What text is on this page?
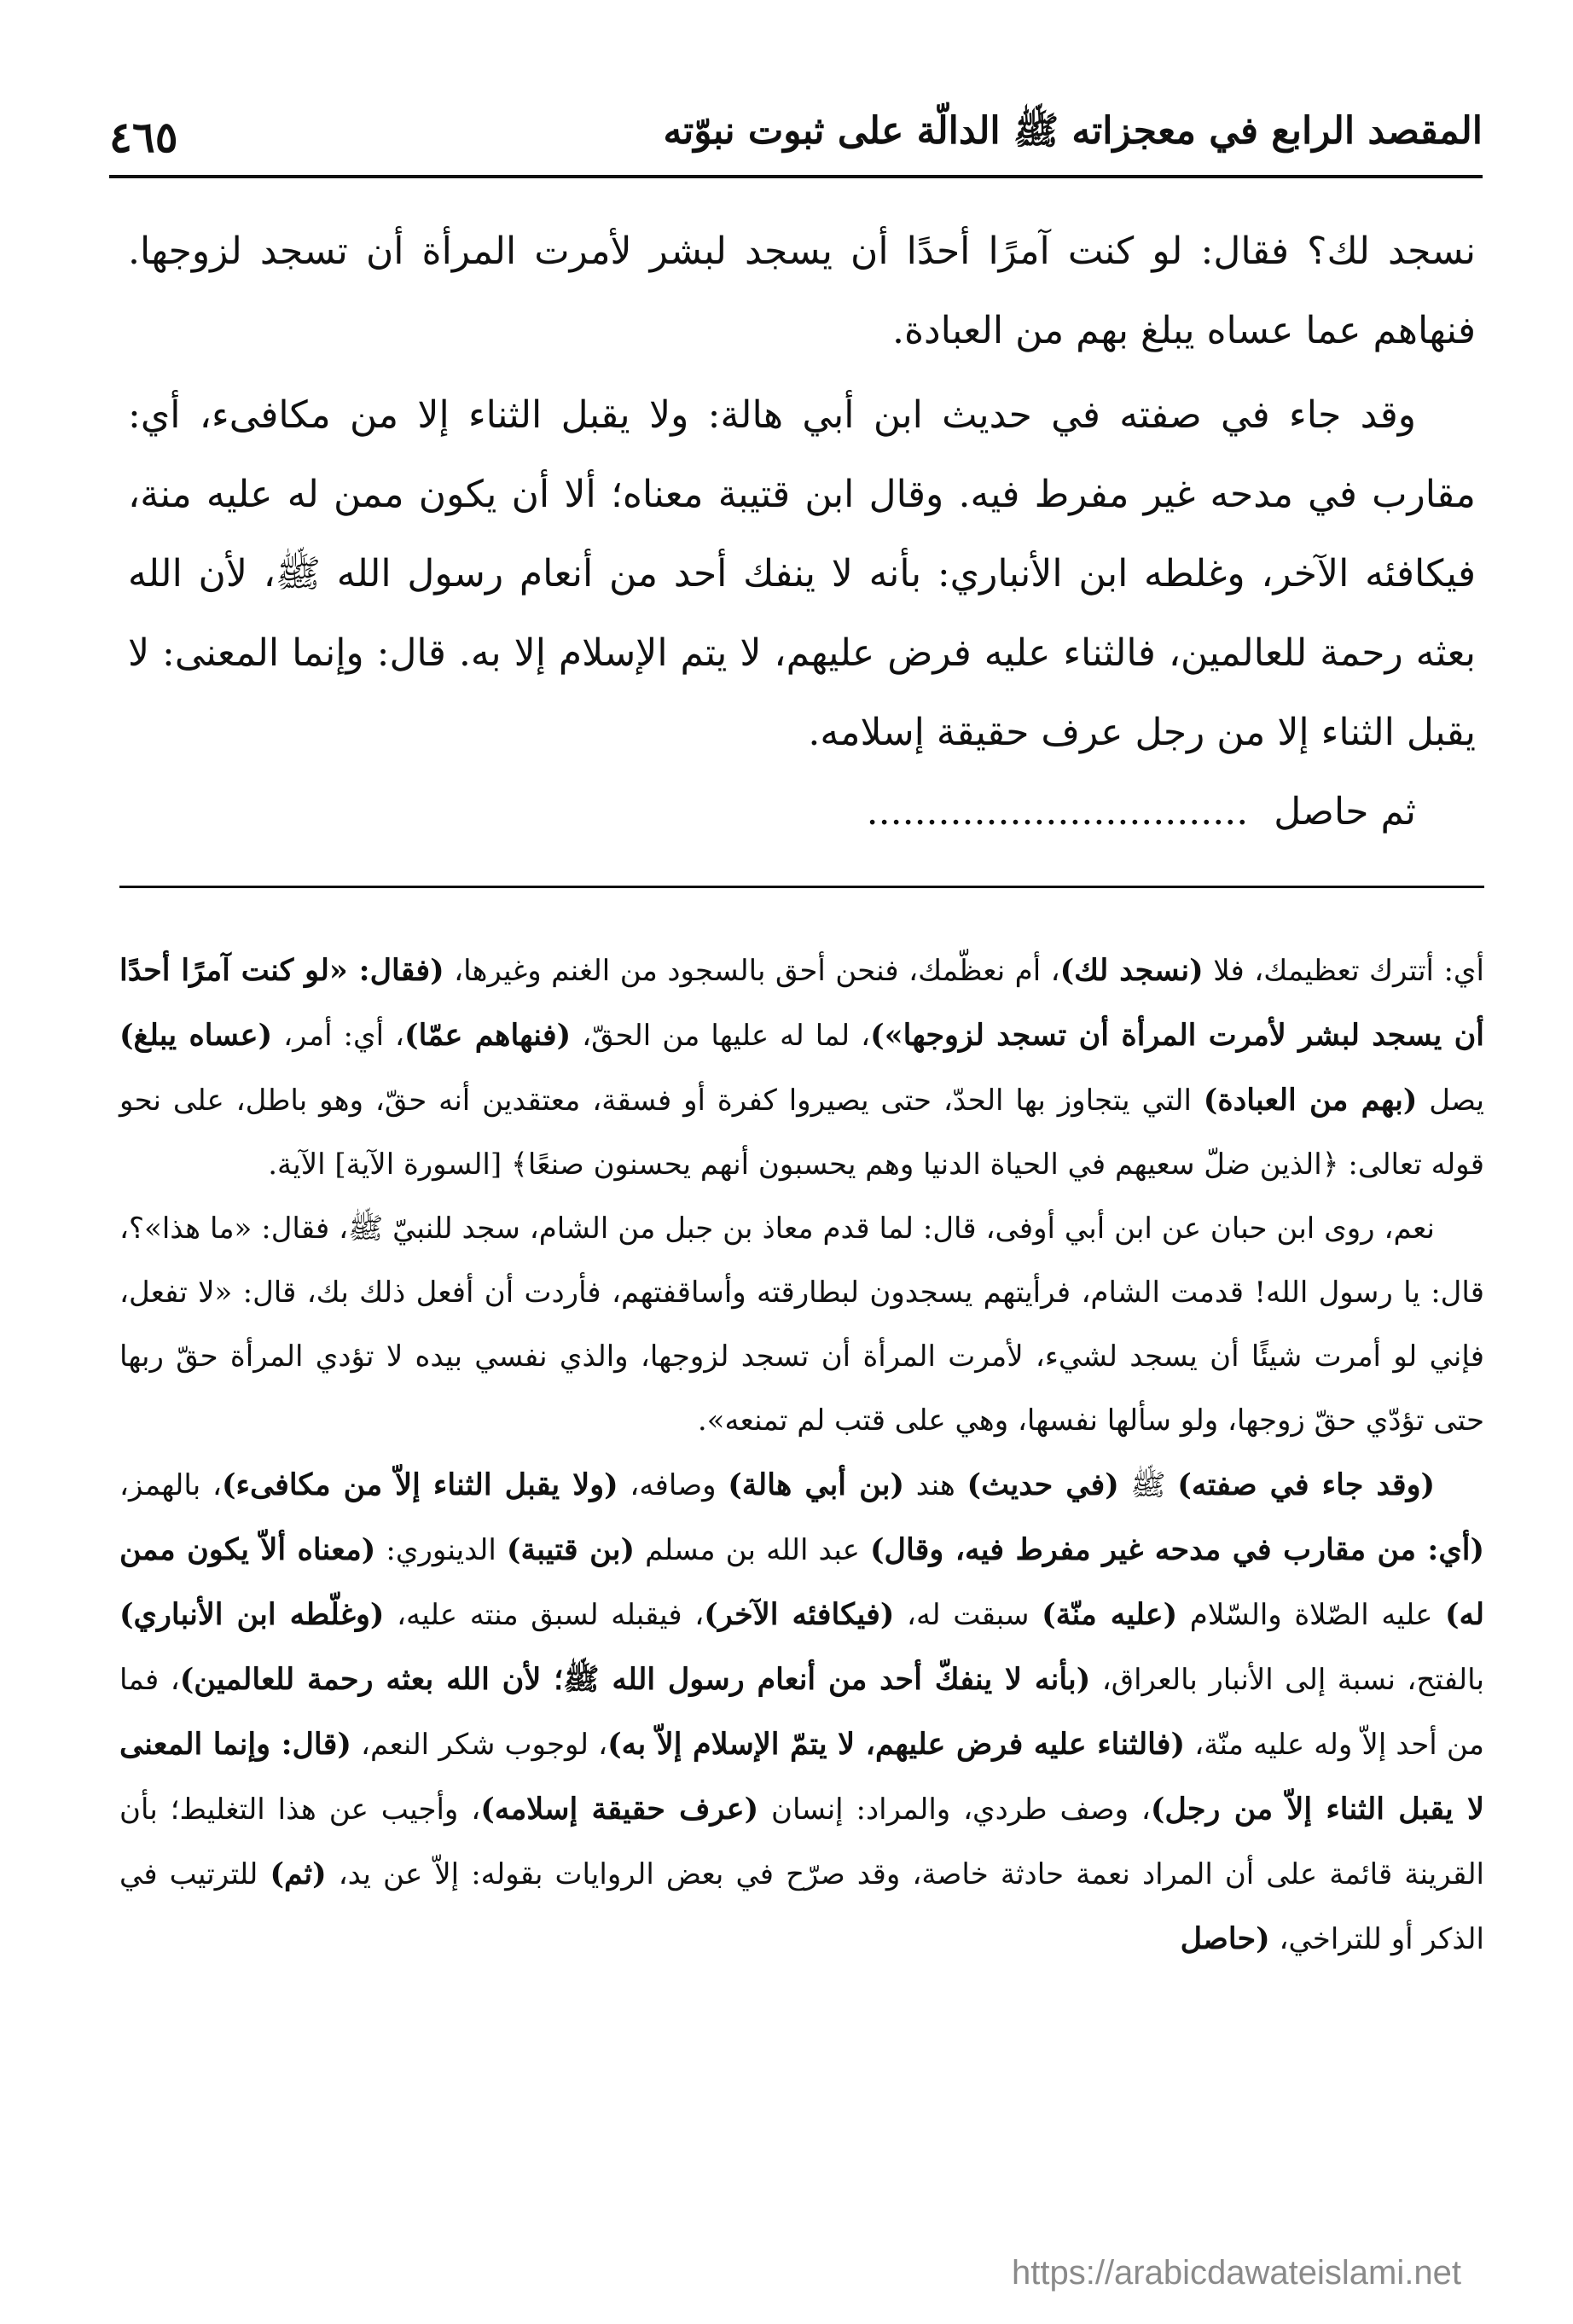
المقصد الرابع في معجزاته ﷺ الدالّة على ثبوت نبوّته
٤٦٥

نسجد لك؟ فقال: لو كنت آمرًا أحدًا أن يسجد لبشر لأمرت المرأة أن تسجد لزوجها. فنهاهم عما عساه يبلغ بهم من العبادة.

وقد جاء في صفته في حديث ابن أبي هالة: ولا يقبل الثناء إلا من مكافىء، أي: مقارب في مدحه غير مفرط فيه. وقال ابن قتيبة معناه؛ ألا أن يكون ممن له عليه منة، فيكافئه الآخر، وغلطه ابن الأنباري: بأنه لا ينفك أحد من أنعام رسول الله ﷺ، لأن الله بعثه رحمة للعالمين، فالثناء عليه فرض عليهم، لا يتم الإسلام إلا به. قال: وإنما المعنى: لا يقبل الثناء إلا من رجل عرف حقيقة إسلامه.

ثم حاصل................................

أي: أتترك تعظيمك، فلا (نسجد لك)، أم نعظّمك، فنحن أحق بالسجود من الغنم وغيرها، (فقال: «لو كنت آمرًا أحدًا أن يسجد لبشر لأمرت المرأة أن تسجد لزوجها»)، لما له عليها من الحقّ، (فنهاهم عمّا)، أي: أمر، (عساه يبلغ) يصل (بهم من العبادة) التي يتجاوز بها الحدّ، حتى يصيروا كفرة أو فسقة، معتقدين أنه حقّ، وهو باطل، على نحو قوله تعالى: ﴿الذين ضلّ سعيهم في الحياة الدنيا وهم يحسبون أنهم يحسنون صنعًا﴾ [السورة الآية] الآية.

نعم، روى ابن حبان عن ابن أبي أوفى، قال: لما قدم معاذ بن جبل من الشام، سجد للنبيّ ﷺ، فقال: «ما هذا»؟، قال: يا رسول الله! قدمت الشام، فرأيتهم يسجدون لبطارقته وأساقفتهم، فأردت أن أفعل ذلك بك، قال: «لا تفعل، فإني لو أمرت شيئًا أن يسجد لشيء، لأمرت المرأة أن تسجد لزوجها، والذي نفسي بيده لا تؤدي المرأة حقّ ربها حتى تؤدّي حقّ زوجها، ولو سألها نفسها، وهي على قتب لم تمنعه».

(وقد جاء في صفته) ﷺ (في حديث) هند (بن أبي هالة) وصافه، (ولا يقبل الثناء إلاّ من مكافىء)، بالهمز، (أي: من مقارب في مدحه غير مفرط فيه، وقال) عبد الله بن مسلم (بن قتيبة) الدينوري: (معناه ألاّ يكون ممن له) عليه الصّلاة والسّلام (عليه منّة) سبقت له، (فيكافئه الآخر)، فيقبله لسبق منته عليه، (وغلّطه ابن الأنباري) بالفتح، نسبة إلى الأنبار بالعراق، (بأنه لا ينفكّ أحد من أنعام رسول الله ﷺ؛ لأن الله بعثه رحمة للعالمين)، فما من أحد إلاّ وله عليه منّة، (فالثناء عليه فرض عليهم، لا يتمّ الإسلام إلاّ به)، لوجوب شكر النعم، (قال: وإنما المعنى لا يقبل الثناء إلاّ من رجل)، وصف طردي، والمراد: إنسان (عرف حقيقة إسلامه)، وأجيب عن هذا التغليط؛ بأن القرينة قائمة على أن المراد نعمة حادثة خاصة، وقد صرّح في بعض الروايات بقوله: إلاّ عن يد، (ثم) للترتيب في الذكر أو للتراخي، (حاصل

https://arabicdawateislami.net
